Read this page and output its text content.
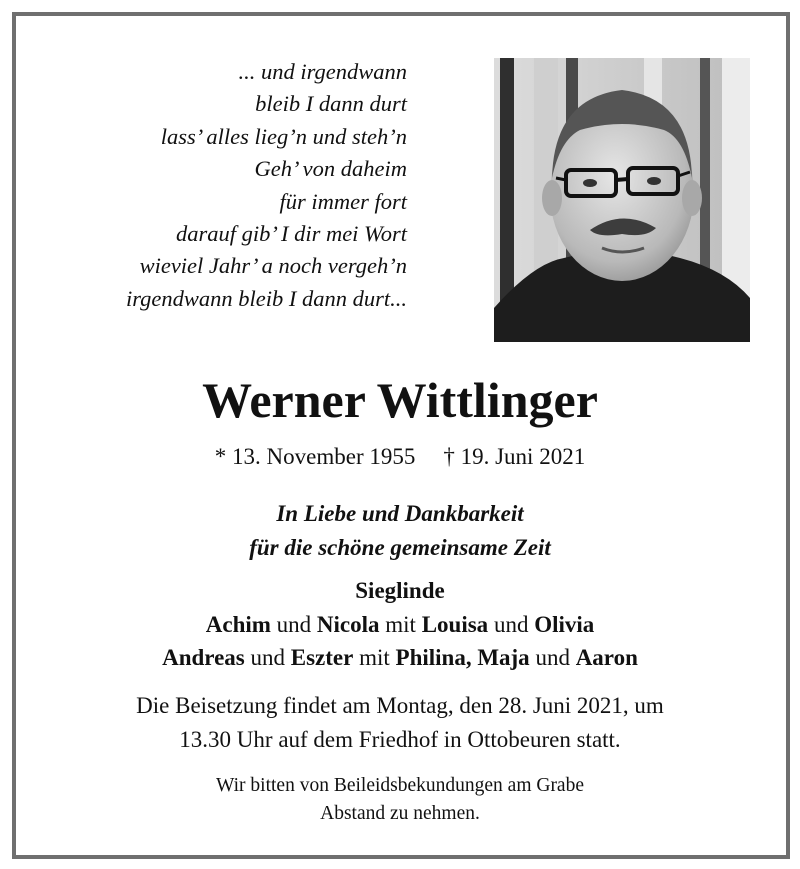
... und irgendwann
bleib I dann durt
lass’ alles lieg’n und steh’n
Geh’ von daheim
für immer fort
darauf gib’ I dir mei Wort
wieviel Jahr’ a noch vergeh’n
irgendwann bleib I dann durt...
Werner Wittlinger
* 13. November 1955 † 19. Juni 2021
In Liebe und Dankbarkeit
für die schöne gemeinsame Zeit
Sieglinde
Achim und Nicola mit Louisa und Olivia
Andreas und Eszter mit Philina, Maja und Aaron
Die Beisetzung findet am Montag, den 28. Juni 2021, um
13.30 Uhr auf dem Friedhof in Ottobeuren statt.
Wir bitten von Beileidsbekundungen am Grabe
Abstand zu nehmen.
